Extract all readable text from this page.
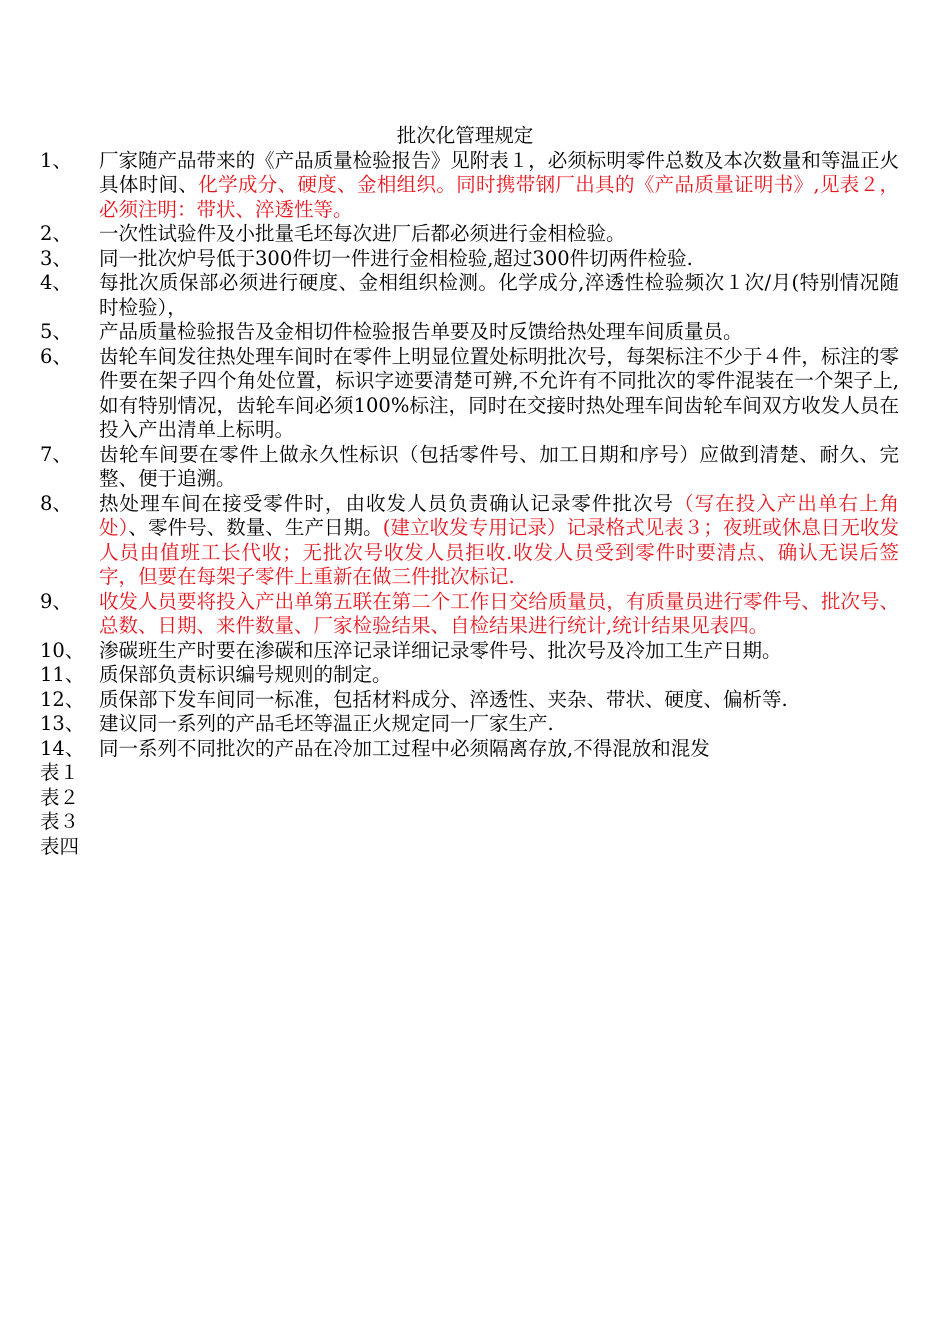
批次化管理规定
1、	厂家随产品带来的《产品质量检验报告》见附表１，必须标明零件总数及本次数量和等温正火具体时间、化学成分、硬度、金相组织。同时携带钢厂出具的《产品质量证明书》,见表２，必须注明：带状、淬透性等。
2、	一次性试验件及小批量毛坯每次进厂后都必须进行金相检验。
3、	同一批次炉号低于300件切一件进行金相检验,超过300件切两件检验.
4、	每批次质保部必须进行硬度、金相组织检测。化学成分,淬透性检验频次１次/月(特别情况随时检验），
5、	产品质量检验报告及金相切件检验报告单要及时反馈给热处理车间质量员。
6、	齿轮车间发往热处理车间时在零件上明显位置处标明批次号，每架标注不少于４件，标注的零件要在架子四个角处位置，标识字迹要清楚可辨,不允许有不同批次的零件混装在一个架子上,如有特别情况，齿轮车间必须100%标注，同时在交接时热处理车间齿轮车间双方收发人员在投入产出清单上标明。
7、	齿轮车间要在零件上做永久性标识（包括零件号、加工日期和序号）应做到清楚、耐久、完整、便于追溯。
8、	热处理车间在接受零件时，由收发人员负责确认记录零件批次号（写在投入产出单右上角处）、零件号、数量、生产日期。(建立收发专用记录）记录格式见表３；夜班或休息日无收发人员由值班工长代收；无批次号收发人员拒收.收发人员受到零件时要清点、确认无误后签字，但要在每架子零件上重新在做三件批次标记.
9、	收发人员要将投入产出单第五联在第二个工作日交给质量员，有质量员进行零件号、批次号、总数、日期、来件数量、厂家检验结果、自检结果进行统计,统计结果见表四。
10、 渗碳班生产时要在渗碳和压淬记录详细记录零件号、批次号及冷加工生产日期。
11、 质保部负责标识编号规则的制定。
12、 质保部下发车间同一标准，包括材料成分、淬透性、夹杂、带状、硬度、偏析等.
13、 建议同一系列的产品毛坯等温正火规定同一厂家生产.
14、 同一系列不同批次的产品在冷加工过程中必须隔离存放,不得混放和混发
表１
表２
表３
表四
